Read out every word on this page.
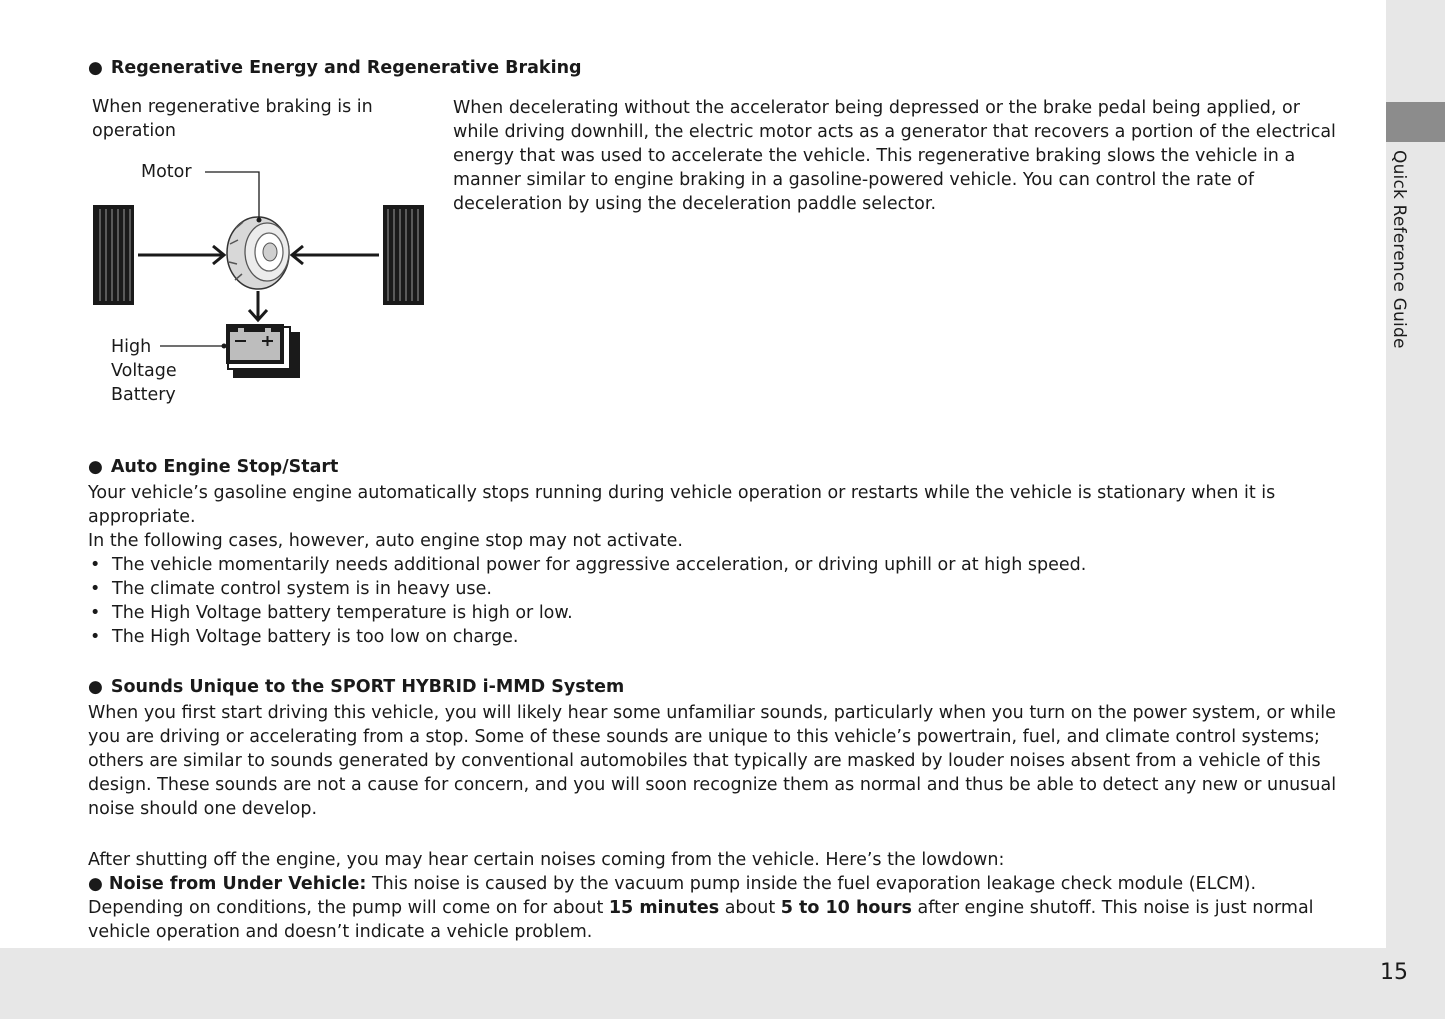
Quick Reference Guide
15
● Regenerative Energy and Regenerative Braking
When regenerative braking is in operation
Motor
High Voltage Battery
When decelerating without the accelerator being depressed or the brake pedal being applied, or while driving downhill, the electric motor acts as a generator that recovers a portion of the electrical energy that was used to accelerate the vehicle. This regenerative braking slows the vehicle in a manner similar to engine braking in a gasoline-powered vehicle. You can control the rate of deceleration by using the deceleration paddle selector.
● Auto Engine Stop/Start
Your vehicle’s gasoline engine automatically stops running during vehicle operation or restarts while the vehicle is stationary when it is appropriate.
In the following cases, however, auto engine stop may not activate.
• The vehicle momentarily needs additional power for aggressive acceleration, or driving uphill or at high speed.
• The climate control system is in heavy use.
• The High Voltage battery temperature is high or low.
• The High Voltage battery is too low on charge.
● Sounds Unique to the SPORT HYBRID i-MMD System
When you first start driving this vehicle, you will likely hear some unfamiliar sounds, particularly when you turn on the power system, or while you are driving or accelerating from a stop. Some of these sounds are unique to this vehicle’s powertrain, fuel, and climate control systems; others are similar to sounds generated by conventional automobiles that typically are masked by louder noises absent from a vehicle of this design. These sounds are not a cause for concern, and you will soon recognize them as normal and thus be able to detect any new or unusual noise should one develop.
After shutting off the engine, you may hear certain noises coming from the vehicle. Here’s the lowdown:
● Noise from Under Vehicle: This noise is caused by the vacuum pump inside the fuel evaporation leakage check module (ELCM). Depending on conditions, the pump will come on for about 15 minutes about 5 to 10 hours after engine shutoff. This noise is just normal vehicle operation and doesn’t indicate a vehicle problem.
